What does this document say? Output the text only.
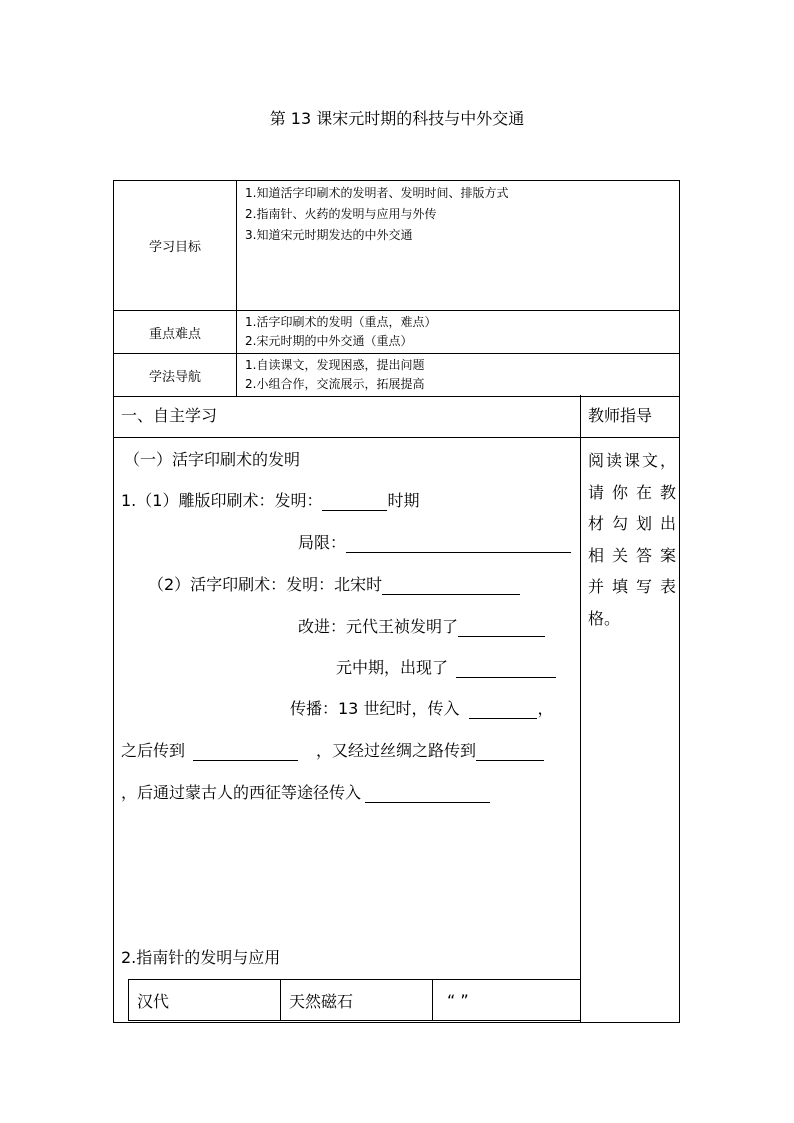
第 13 课宋元时期的科技与中外交通
学习目标	1.知道活字印刷术的发明者、发明时间、排版方式
2.指南针、火药的发明与应用与外传
3.知道宋元时期发达的中外交通

重点难点	1.活字印刷术的发明（重点，难点）
2.宋元时期的中外交通（重点）

学法导航	1.自读课文，发现困惑，提出问题
2.小组合作，交流展示，拓展提高
一、自主学习	教师指导
（一）活字印刷术的发明
1.（1）雕版印刷术：发明：	时期
局限：
（2）活字印刷术：发明：北宋时
改进：元代王祯发明了
元中期，出现了
传播：13 世纪时，传入	，
之后传到	，又经过丝绸之路传到
，后通过蒙古人的西征等途径传入
2.指南针的发明与应用
阅读课文，
请你在教
材勾划出
相关答案
并填写表
格。
汉代	天然磁石	“ ”
